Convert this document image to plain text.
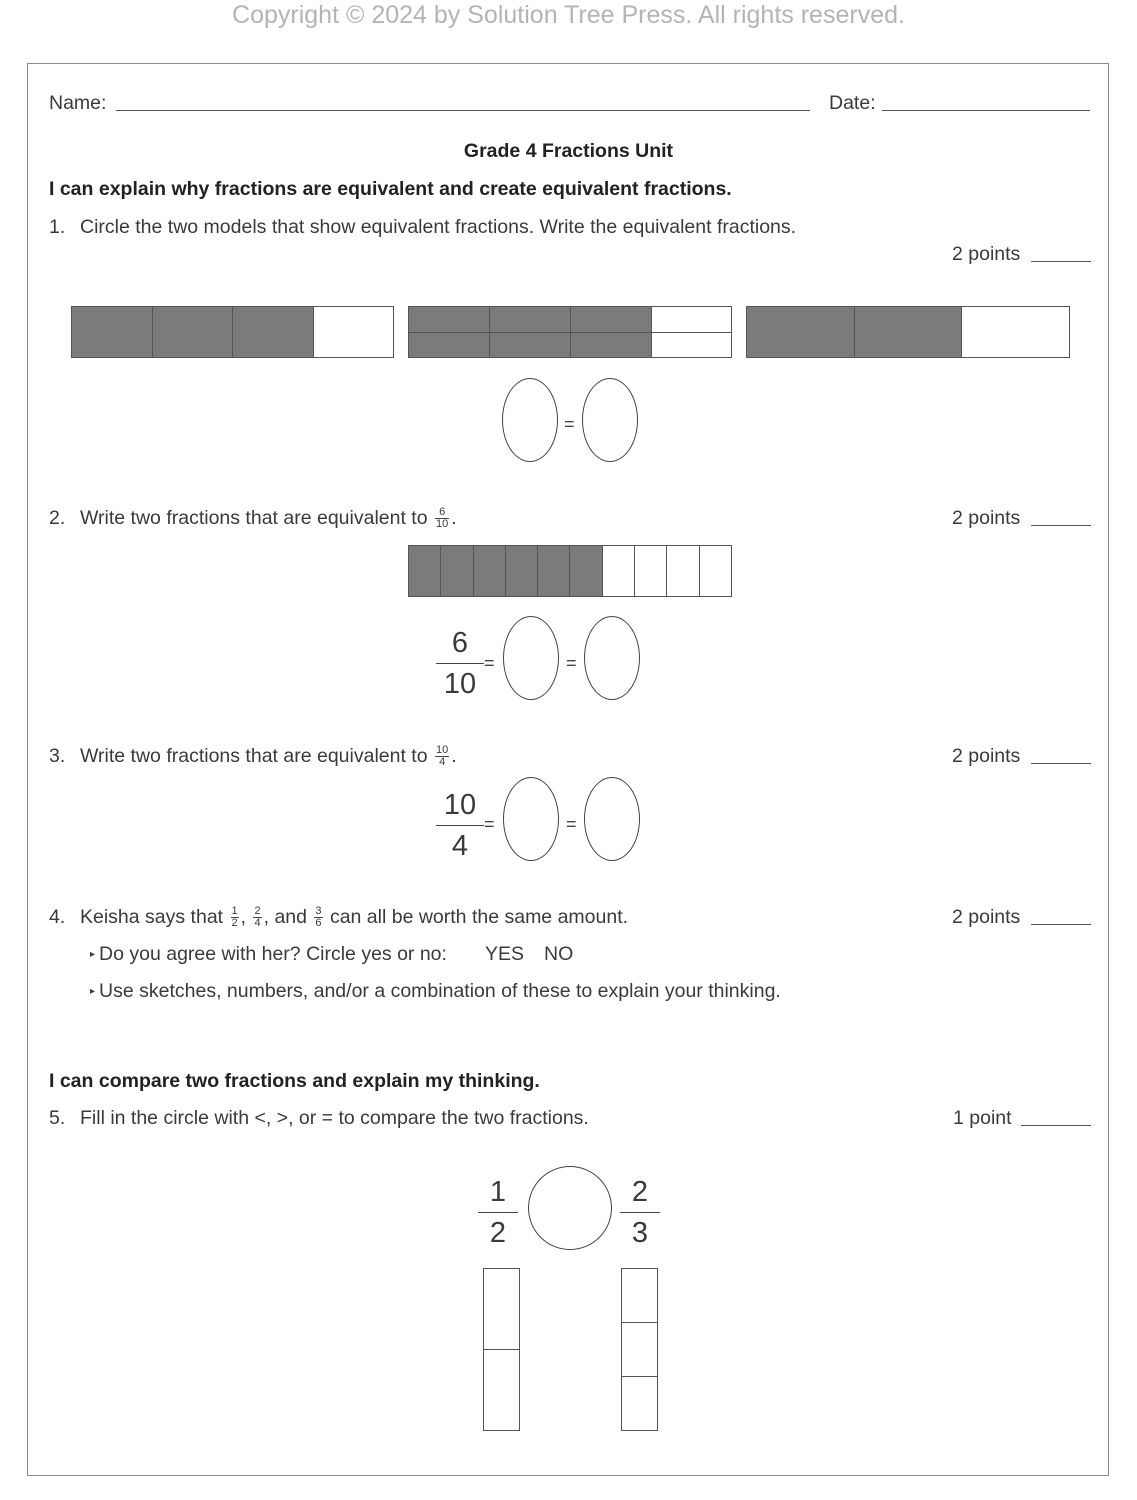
Copyright © 2024 by Solution Tree Press. All rights reserved.
Name:	Date:
Grade 4 Fractions Unit
I can explain why fractions are equivalent and create equivalent fractions.
1. Circle the two models that show equivalent fractions. Write the equivalent fractions.
2 points
=
2. Write two fractions that are equivalent to $\frac{6}{10}$ .	2 points
$\frac{6}{10}$ =	=
3. Write two fractions that are equivalent to $\frac{10}{4}$ .	2 points
$\frac{10}{4}$ =	=
4. Keisha says that $\frac{1}{2}$ , $\frac{2}{4}$ , and $\frac{3}{6}$ can all be worth the same amount.	2 points
▸ Do you agree with her? Circle yes or no: YES NO
▸ Use sketches, numbers, and/or a combination of these to explain your thinking.
I can compare two fractions and explain my thinking.
5. Fill in the circle with <, >, or = to compare the two fractions.	1 point
$\frac{1}{2}$	$\frac{2}{3}$
